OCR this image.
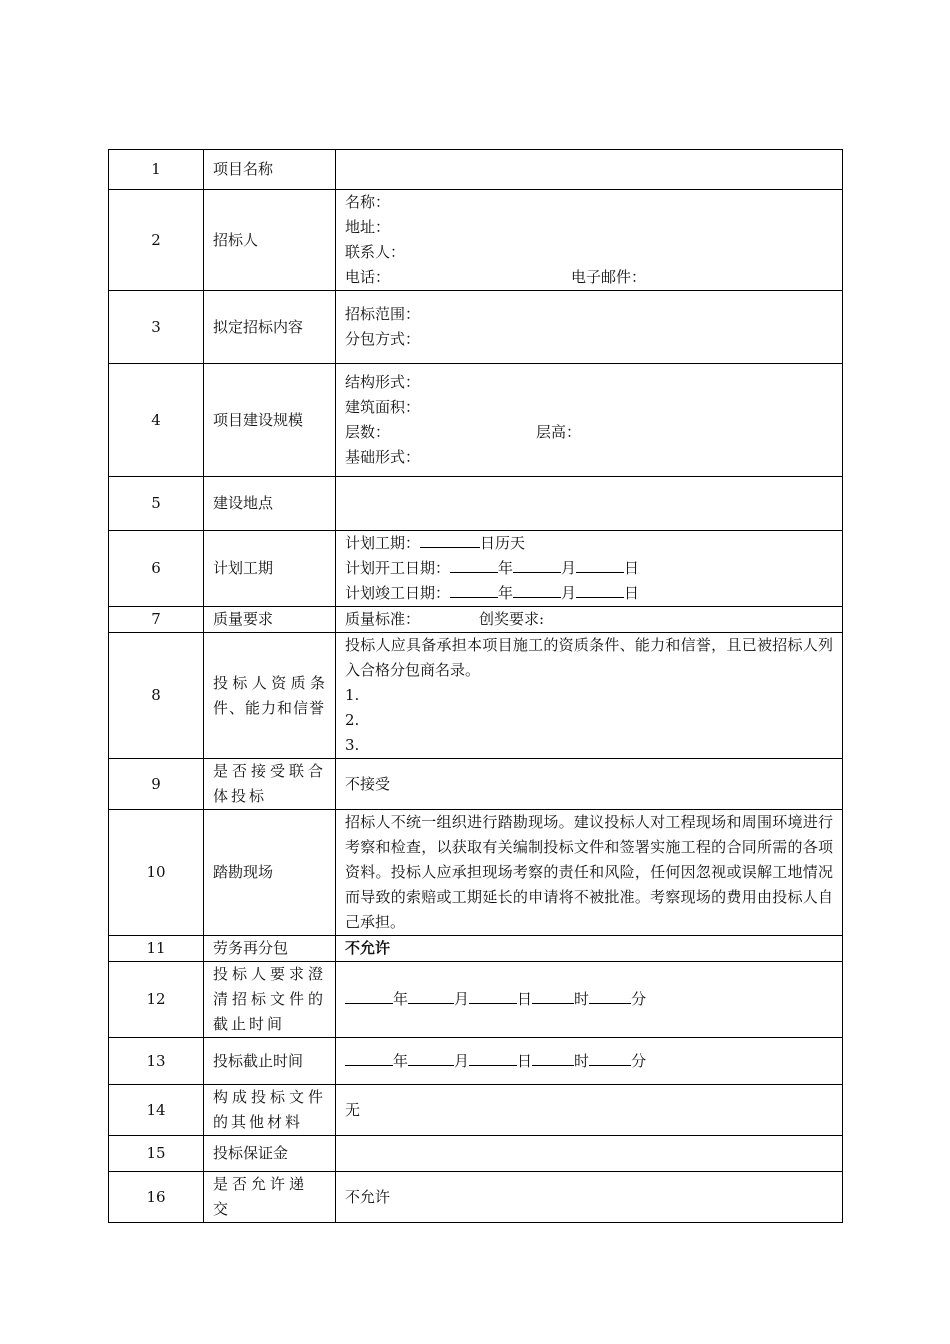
1	项目名称	
2	招标人	名称：
地址：
联系人：
电话： 电子邮件：

3	拟定招标内容	招标范围：
分包方式：

4	项目建设规模	结构形式：
建筑面积：
层数： 层高：
基础形式：

5	建设地点	
6	计划工期	计划工期： 日历天
计划开工日期： 年 月 日
计划竣工日期： 年 月 日

7	质量要求	质量标准： 创奖要求:

8	投标人资质条件、能力和信誉	投标人应具备承担本项目施工的资质条件、能力和信誉，且已被招标人列入合格分包商名录。
1.
2.
3.

9	是否接受联合体投标	不接受
10	踏勘现场	招标人不统一组织进行踏勘现场。建议投标人对工程现场和周围环境进行考察和检查，以获取有关编制投标文件和签署实施工程的合同所需的各项资料。投标人应承担现场考察的责任和风险，任何因忽视或误解工地情况而导致的索赔或工期延长的申请将不被批准。考察现场的费用由投标人自己承担。

11	劳务再分包	不允许
12	投标人要求澄清招标文件的截止时间	年 月 日 时 分

13	投标截止时间	年 月 日 时 分

14	构成投标文件的其他材料	无
15	投标保证金	
16	是否允许递交	不允许
